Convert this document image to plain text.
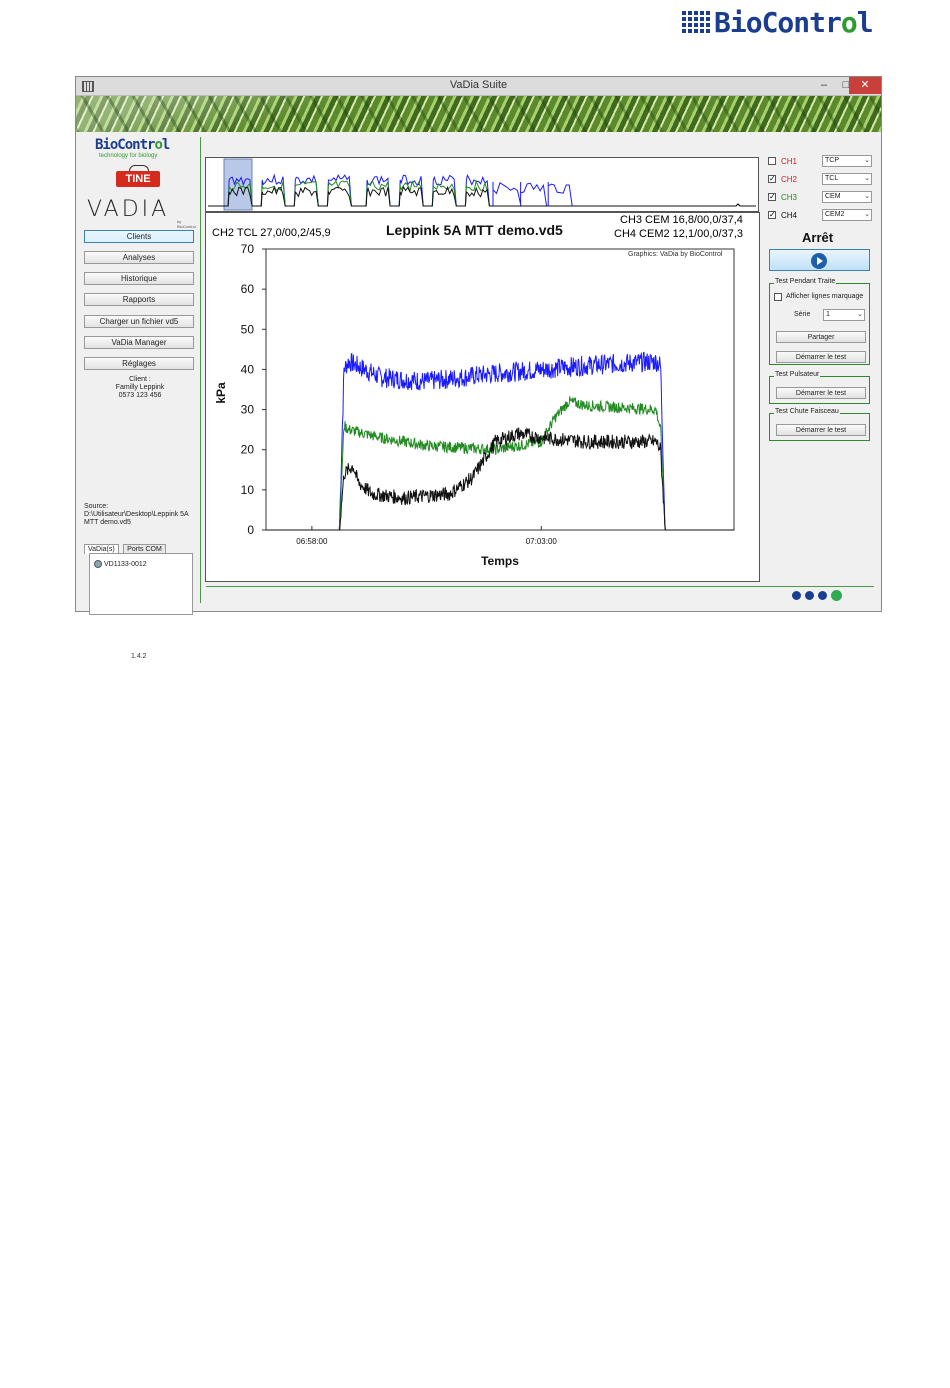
BioControl
VaDia Suite	–	□	✕
BioControl
technology for biology
TINE
VADIA by BioControl
Clients
Analyses
Historique
Rapports
Charger un fichier vd5
VaDia Manager
Réglages
Client :
Familly Leppink
0573 123 456
Source:
D:\Utilisateur\Desktop\Leppink 5A MTT demo.vd5
VaDia(s) Ports COM
VD1133-0012
1.4.2
CH2 TCL 27,0/00,2/45,9	Leppink 5A MTT demo.vd5
CH3 CEM 16,8/00,0/37,4
CH4 CEM2 12,1/00,0/37,3
Graphics: VaDia by BioControl
0
10
20
30
40
50
60
70
06:58:00	07:03:00
kPa
Temps
CH1	TCP	⌄
✓ CH2	TCL	⌄
✓ CH3	CEM	⌄
✓ CH4	CEM2	⌄
Arrêt
Test Pendant Traite
Afficher lignes marquage
Série	1	⌄
Partager
Démarrer le test
Test Pulsateur
Démarrer le test
Test Chute Faisceau
Démarrer le test
